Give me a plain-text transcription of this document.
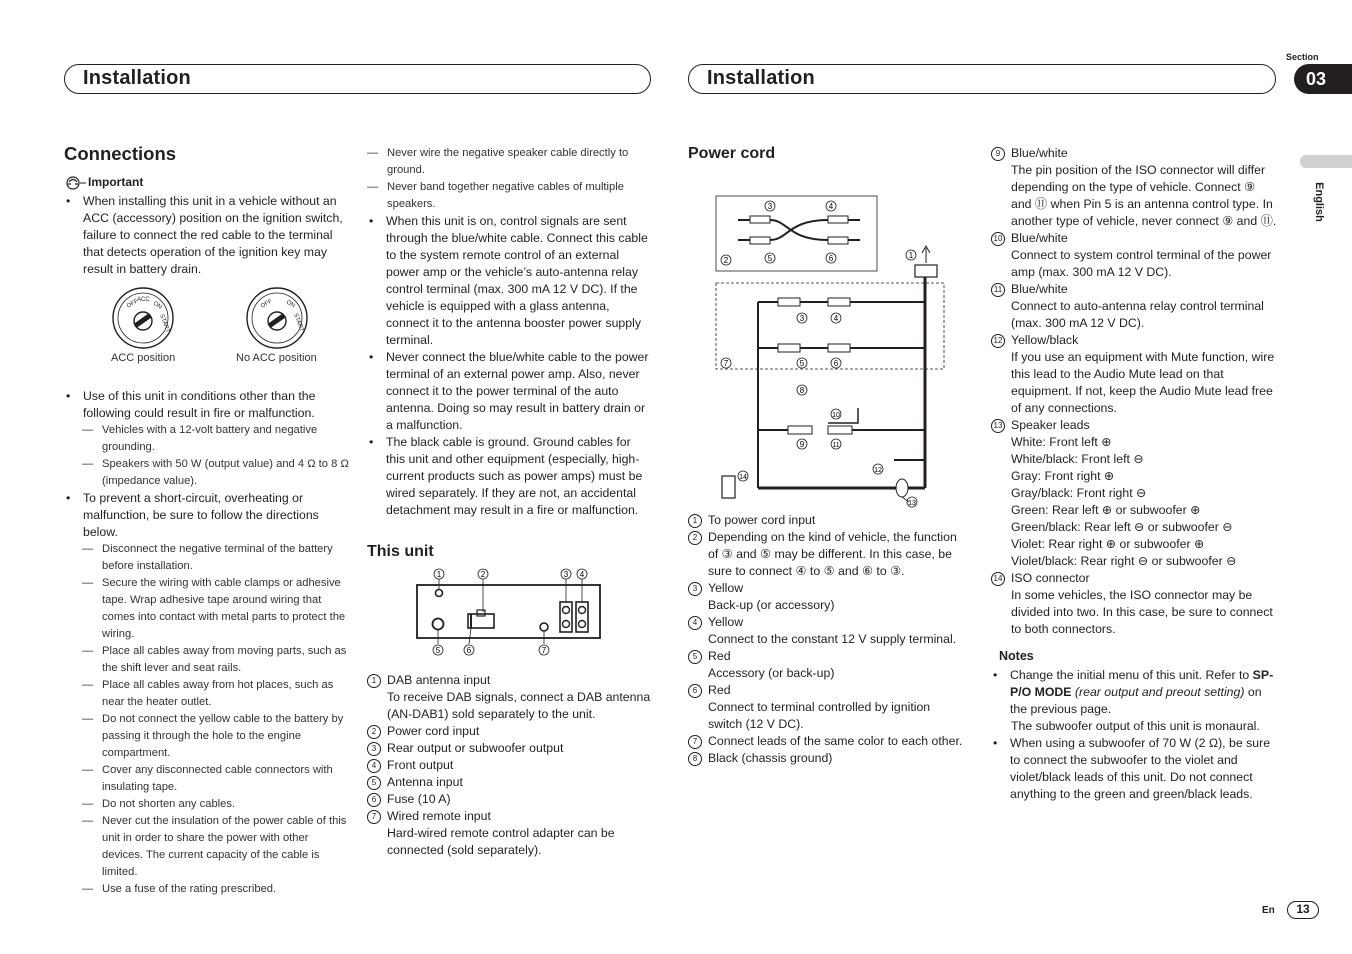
Installation	Installation
Section
03
English
Connections
Important
• When installing this unit in a vehicle without an ACC (accessory) position on the ignition switch, failure to connect the red cable to the terminal that detects operation of the ignition key may result in battery drain.
OFF
ACC
ON
START
OFF ON
START
ACC position	No ACC position
• Use of this unit in conditions other than the following could result in fire or malfunction.
— Vehicles with a 12-volt battery and negative grounding.
— Speakers with 50 W (output value) and 4 Ω to 8 Ω (impedance value).
• To prevent a short-circuit, overheating or malfunction, be sure to follow the directions below.
— Disconnect the negative terminal of the battery before installation.
— Secure the wiring with cable clamps or adhesive tape. Wrap adhesive tape around wiring that comes into contact with metal parts to protect the wiring.
— Place all cables away from moving parts, such as the shift lever and seat rails.
— Place all cables away from hot places, such as near the heater outlet.
— Do not connect the yellow cable to the battery by passing it through the hole to the engine compartment.
— Cover any disconnected cable connectors with insulating tape.
— Do not shorten any cables.
— Never cut the insulation of the power cable of this unit in order to share the power with other devices. The current capacity of the cable is limited.
— Use a fuse of the rating prescribed.
— Never wire the negative speaker cable directly to ground.
— Never band together negative cables of multiple speakers.
• When this unit is on, control signals are sent through the blue/white cable. Connect this cable to the system remote control of an external power amp or the vehicle’s auto-antenna relay control terminal (max. 300 mA 12 V DC). If the vehicle is equipped with a glass antenna, connect it to the antenna booster power supply terminal.
• Never connect the blue/white cable to the power terminal of an external power amp. Also, never connect it to the power terminal of the auto antenna. Doing so may result in battery drain or a malfunction.
• The black cable is ground. Ground cables for this unit and other equipment (especially, high-current products such as power amps) must be wired separately. If they are not, an accidental detachment may result in a fire or malfunction.
This unit
1	2	3 4
5	6	7
1 DAB antenna input
To receive DAB signals, connect a DAB antenna (AN-DAB1) sold separately to the unit.
2 Power cord input
3 Rear output or subwoofer output
4 Front output
5 Antenna input
6 Fuse (10 A)
7 Wired remote input
Hard-wired remote control adapter can be connected (sold separately).
Power cord
3	4
2	5	6	1
3	4
5	6
7
8
10
9	11
12
13
14
1 To power cord input
2 Depending on the kind of vehicle, the function of ③ and ⑤ may be different. In this case, be sure to connect ④ to ⑤ and ⑥ to ③.
3 Yellow
Back-up (or accessory)
4 Yellow
Connect to the constant 12 V supply terminal.
5 Red
Accessory (or back-up)
6 Red
Connect to terminal controlled by ignition switch (12 V DC).
7 Connect leads of the same color to each other.
8 Black (chassis ground)
9 Blue/white
The pin position of the ISO connector will differ depending on the type of vehicle. Connect ⑨ and ⑪ when Pin 5 is an antenna control type. In another type of vehicle, never connect ⑨ and ⑪.
10 Blue/white
Connect to system control terminal of the power amp (max. 300 mA 12 V DC).
11 Blue/white
Connect to auto-antenna relay control terminal (max. 300 mA 12 V DC).
12 Yellow/black
If you use an equipment with Mute function, wire this lead to the Audio Mute lead on that equipment. If not, keep the Audio Mute lead free of any connections.
13 Speaker leads
White: Front left ⊕
White/black: Front left ⊖
Gray: Front right ⊕
Gray/black: Front right ⊖
Green: Rear left ⊕ or subwoofer ⊕
Green/black: Rear left ⊖ or subwoofer ⊖
Violet: Rear right ⊕ or subwoofer ⊕
Violet/black: Rear right ⊖ or subwoofer ⊖
14 ISO connector
In some vehicles, the ISO connector may be divided into two. In this case, be sure to connect to both connectors.
Notes
• Change the initial menu of this unit. Refer to SP-P/O MODE (rear output and preout setting) on the previous page.
The subwoofer output of this unit is monaural.
• When using a subwoofer of 70 W (2 Ω), be sure to connect the subwoofer to the violet and violet/black leads of this unit. Do not connect anything to the green and green/black leads.
En	13
